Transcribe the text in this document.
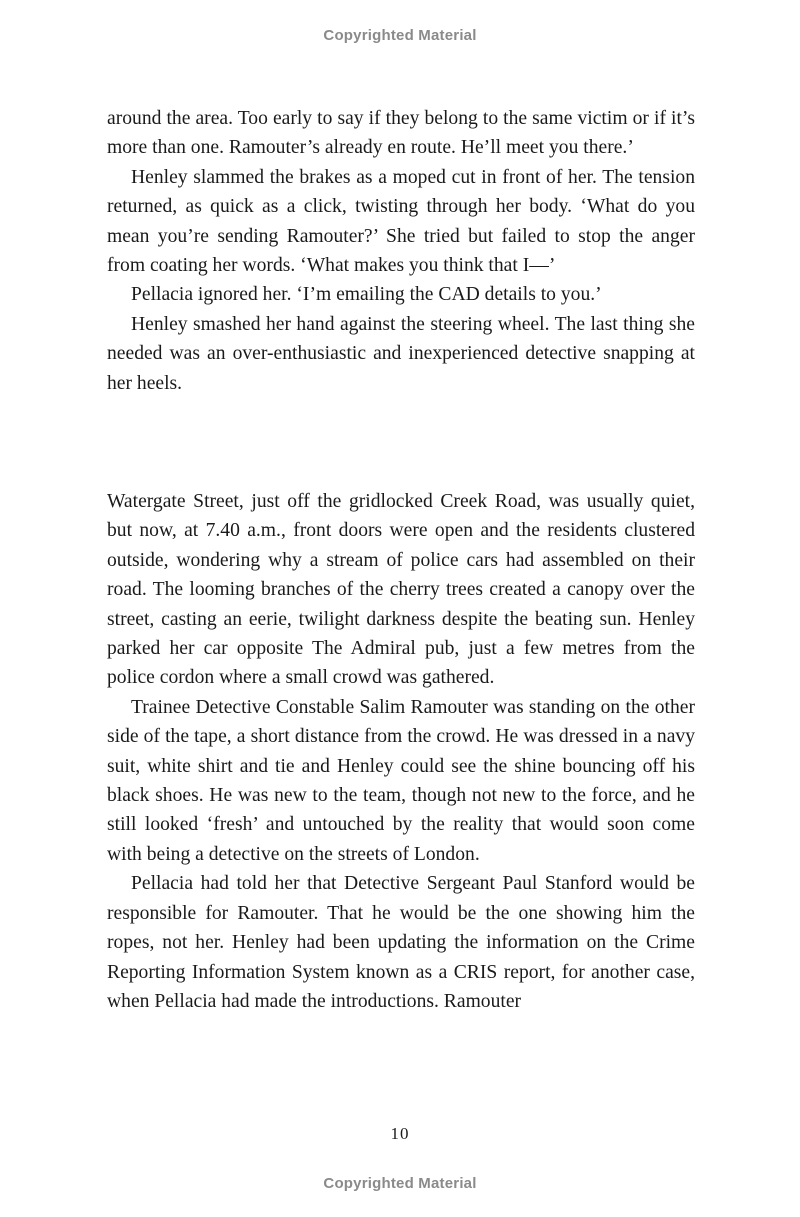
Copyrighted Material

around the area. Too early to say if they belong to the same victim or if it’s more than one. Ramouter’s already en route. He’ll meet you there.’

Henley slammed the brakes as a moped cut in front of her. The tension returned, as quick as a click, twisting through her body. ‘What do you mean you’re sending Ramouter?’ She tried but failed to stop the anger from coating her words. ‘What makes you think that I—’

Pellacia ignored her. ‘I’m emailing the CAD details to you.’

Henley smashed her hand against the steering wheel. The last thing she needed was an over-enthusiastic and inexperienced detective snapping at her heels.

Watergate Street, just off the gridlocked Creek Road, was usually quiet, but now, at 7.40 a.m., front doors were open and the residents clustered outside, wondering why a stream of police cars had assembled on their road. The looming branches of the cherry trees created a canopy over the street, casting an eerie, twilight darkness despite the beating sun. Henley parked her car opposite The Admiral pub, just a few metres from the police cordon where a small crowd was gathered.

Trainee Detective Constable Salim Ramouter was standing on the other side of the tape, a short distance from the crowd. He was dressed in a navy suit, white shirt and tie and Henley could see the shine bouncing off his black shoes. He was new to the team, though not new to the force, and he still looked ‘fresh’ and untouched by the reality that would soon come with being a detective on the streets of London.

Pellacia had told her that Detective Sergeant Paul Stanford would be responsible for Ramouter. That he would be the one showing him the ropes, not her. Henley had been updating the information on the Crime Reporting Information System known as a CRIS report, for another case, when Pellacia had made the introductions. Ramouter

10
Copyrighted Material
